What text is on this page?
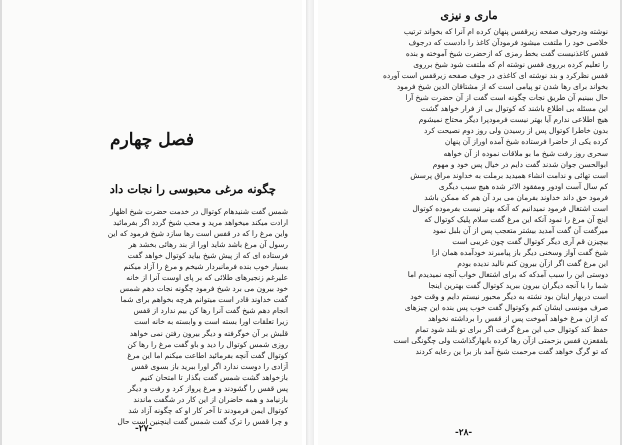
فصل چهارم
چگونه مرغی محبوسی را نجات داد
شمس گفت شنیدهام کوتوال در خدمت حضرت شیخ اظهار
ارادت میکند میخواهد مرید و محب شیخ گردد اگر بفرمائید
واین مرغ را که در قفس است رها سازد شیخ فرمود که این
رسول آن مرغ باشد شاید اورا از بند رهائی بخشد هر
فرستاده ای که از پیش شیخ بیاید کوتوال خواهد گفت
بسیار خوب بنده فرمانبردار شیخم و مرغ را آزاد میکنم
علیرغم زنجیرهای طلائی که بر پای اوست آنرا از خانه
خود بیرون می برد شیخ فرمود چگونه نجات دهم شمس
گفت خداوند قادر است میتوانم هرچه بخواهم برای شما
انجام دهم شیخ گفت آنرا رها کن بیم ندارد از قفس
زیرا تعلقات اورا بسته است و وابسته به خانه است
قلبش بر آن خوگرفته و دیگر بیرون رفتن نمی خواهد
روزی شمس کوتوال را دید و باو گفت مرغ را رها کن
کوتوال گفت آنچه بفرمائید اطاعت میکنم اما این مرغ
آزادی را دوست ندارد اگر اورا ببرید باز بسوی قفس
بازخواهد گشت شمس گفت بگذار تا امتحان کنیم
پس قفس را گشودند و مرغ پرواز کرد و رفت و دیگر
بازنیامد و همه حاضران از این کار در شگفت ماندند
کوتوال ایمن فرمودند تا آخر کار او که چگونه آزاد شد
و چرا قفس را ترک گفت شمس گفت اینچنین است حال
-٢٧-
ماری و نیزی
نوشته ودرجوف صفحه زیرقفس پنهان کرده ام آنرا که بخواند ترتیب
خلاصی خود را ملتفت میشود فرمودآن کاغذ را دادست که درجوف
قفس کاغذنیست گفت بخط رمزی که ازحضرت شیخ آموخته و بنده
را تعلیم کرده برروی قفس نوشته ام که ملتفت شود شیخ برروی
قفس نظرکرد و بند نوشته ای کاغذی در جوف صفحه زیرقفس است آورده
بخواند برای رها شدن تو پیامی است که از مشتاقان الدین شیخ فرمود
حال ببینیم آن طریق نجات چگونه است گفت از آن حضرت شیخ آرا
این مسئله بی اطلاع باشند که کوتوال بی از فرار خواهد گشت
هیچ اطلاعی ندارم آیا بهتر نیست فرمودپرا دیگر محتاج نمیشوم
بدون خاطرا کوتوال پس از رسیدن ولی روز دوم نصیحت کرد
کرده یکی از حاضرا فرستاده شیخ آمده اوراز آن پنهان
سحری روز رفت شیخ ما بو ملاقات نموده از آن خواهه
ابوالحسن جوان شدند گفت دایم در خیال پس خود و مهوم
است تهائی و ندامت انشاء همیدید برملت به خداوند مراق پرسش
کم سال آست اودور ومفقود الاثر شده هیچ سبب دیگری
فرمود حق داند خداوند بفرمان می برد آن هم که ممکن باشد
است اشتغال فرمود نمیدانیم که آنکه بهتر نیست بفرموده کوتوال
اینچ آن مرغ را نمود آنکه این مرغ گفت سلام پلیک کوتوال که
میرگفت آن گفت آمدید بیشتر متعجب پس از آن بلبل نمود
بیچیزن قم آری دیگر کوتوال گفت چون غریبی است
شیخ گفت آواز وسخنی دیگر باز پیامبرند خودآمده همان ازا
این مرغ گفت اگر ازآن بیرون کنم نالید ندیده بودم
دوستی ابن را سبب آمدکه که برای اشتغال خواب آنچه نمیدیدم اما
شما را با آنجه دیگران بیرون ببرید کوتوال گفت بهترین اینجا
است دربهار اینان بود نشته به دیگر محبور نیستم دایم و وقت خود
صرف مونسی ایشان کنم وکوتوال گفت خوب پس بنده این چیزهای
که ازان مرغ خواهد آموخت پس از قفس را برداشته نخواهد
حفظ کند کوتوال حب این مرغ گرفت اگر برای تو بلند شود تمام
بلفقعزن قفس بزحمتی ازآن رها کرده بابهارگذاشت ولی چگونگی است
که تو گرگ خواهد گفت مرحمت شیخ آمد باز برا ین رعایه کردند
-٢٨-
